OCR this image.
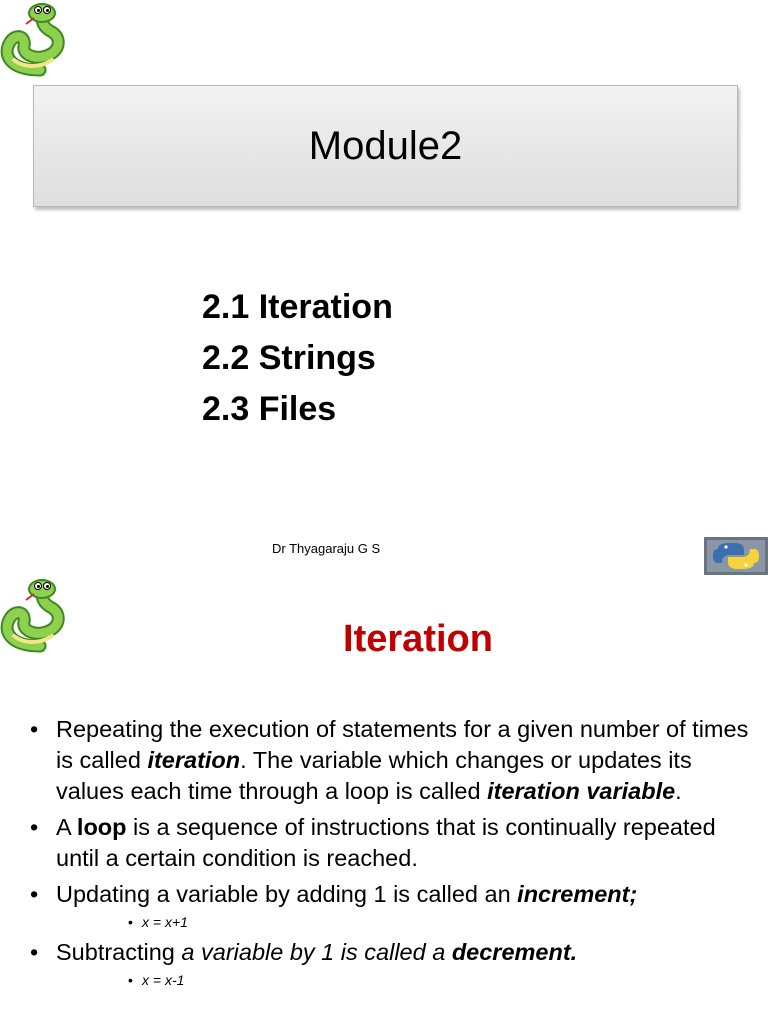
Module2
2.1 Iteration
2.2 Strings
2.3 Files
Dr Thyagaraju G S
Iteration
• Repeating the execution of statements for a given number of times is called iteration. The variable which changes or updates its values each time through a loop is called iteration variable.
• A loop is a sequence of instructions that is continually repeated until a certain condition is reached.
• Updating a variable by adding 1 is called an increment;
• x = x+1
• Subtracting a variable by 1 is called a decrement.
• x = x-1
